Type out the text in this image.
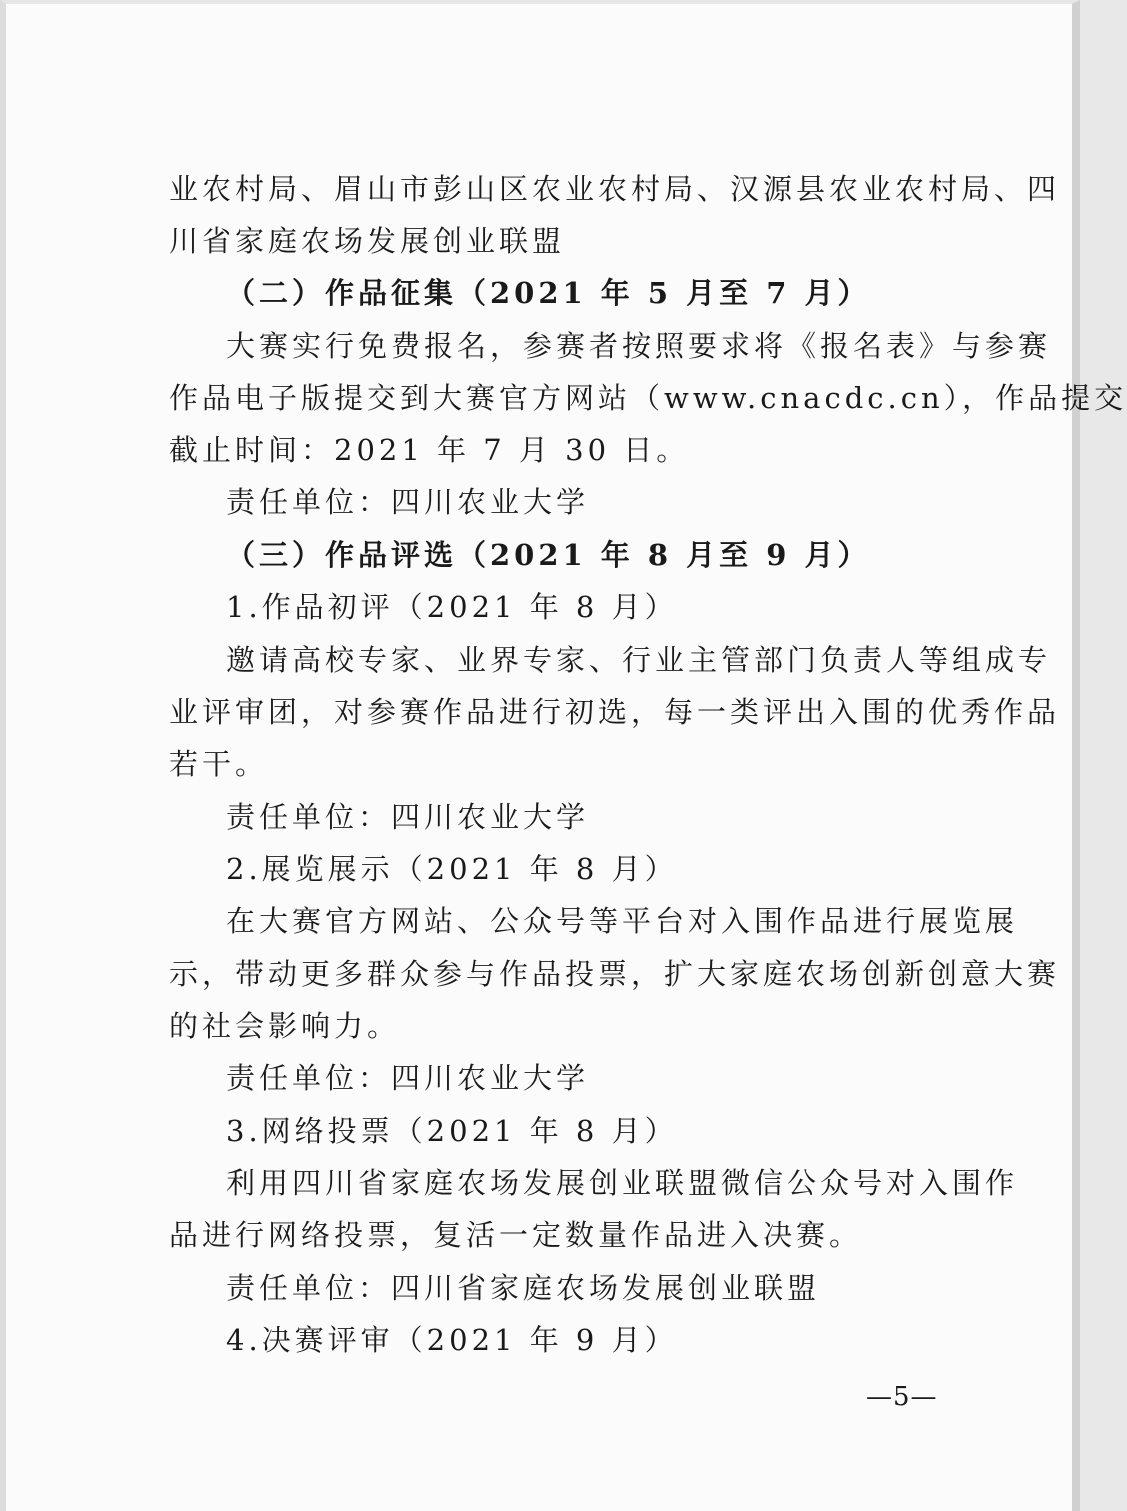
业农村局、眉山市彭山区农业农村局、汉源县农业农村局、四
川省家庭农场发展创业联盟
（二）作品征集（2021 年 5 月至 7 月）
大赛实行免费报名，参赛者按照要求将《报名表》与参赛
作品电子版提交到大赛官方网站（www.cnacdc.cn），作品提交
截止时间：2021 年 7 月 30 日。
责任单位：四川农业大学
（三）作品评选（2021 年 8 月至 9 月）
1.作品初评（2021 年 8 月）
邀请高校专家、业界专家、行业主管部门负责人等组成专
业评审团，对参赛作品进行初选，每一类评出入围的优秀作品
若干。
责任单位：四川农业大学
2.展览展示（2021 年 8 月）
在大赛官方网站、公众号等平台对入围作品进行展览展
示，带动更多群众参与作品投票，扩大家庭农场创新创意大赛
的社会影响力。
责任单位：四川农业大学
3.网络投票（2021 年 8 月）
利用四川省家庭农场发展创业联盟微信公众号对入围作
品进行网络投票，复活一定数量作品进入决赛。
责任单位：四川省家庭农场发展创业联盟
4.决赛评审（2021 年 9 月）
—5—
